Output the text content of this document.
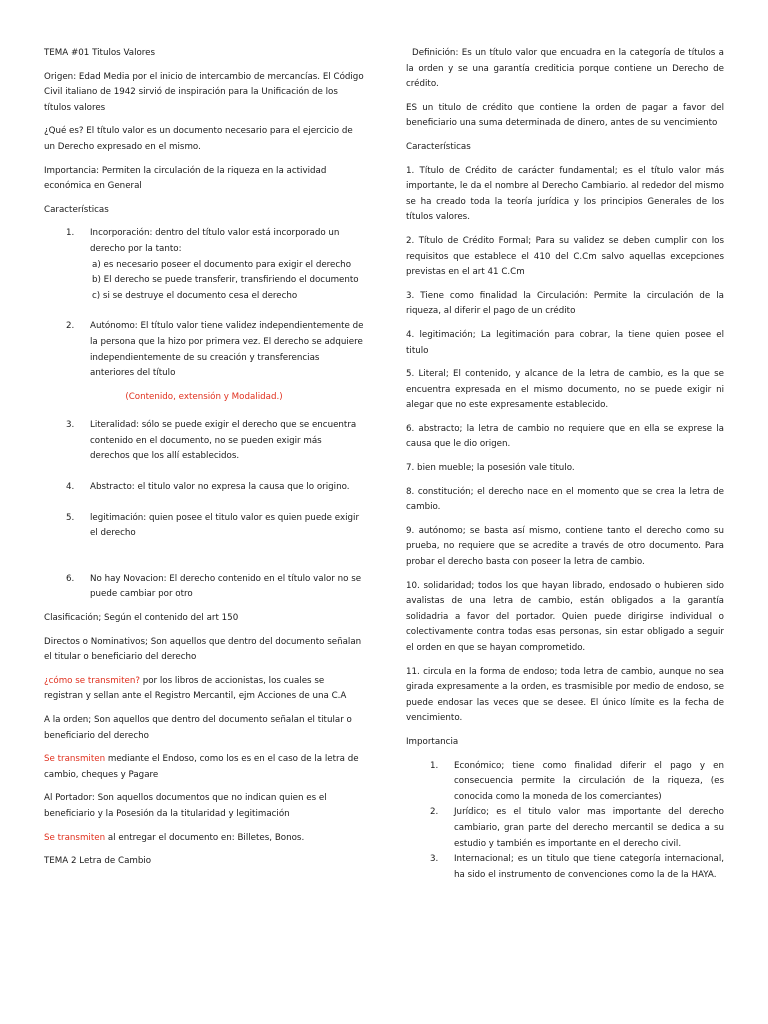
TEMA #01 Titulos Valores

Origen: Edad Media por el inicio de intercambio de mercancías. El Código Civil italiano de 1942 sirvió de inspiración para la Unificación de los títulos valores

¿Qué es? El título valor es un documento necesario para el ejercicio de un Derecho expresado en el mismo.

Importancia: Permiten la circulación de la riqueza en la actividad económica en General

Características

1. Incorporación: dentro del título valor está incorporado un derecho por la tanto:
a) es necesario poseer el documento para exigir el derecho
b) El derecho se puede transferir, transfiriendo el documento
c) si se destruye el documento cesa el derecho
2. Autónomo: El título valor tiene validez independientemente de la persona que la hizo por primera vez. El derecho se adquiere independientemente de su creación y transferencias anteriores del título
(Contenido, extensión y Modalidad.)
3. Literalidad: sólo se puede exigir el derecho que se encuentra contenido en el documento, no se pueden exigir más derechos que los allí establecidos.
4. Abstracto: el titulo valor no expresa la causa que lo origino.
5. legitimación: quien posee el titulo valor es quien puede exigir el derecho
6. No hay Novacion: El derecho contenido en el título valor no se puede cambiar por otro

Clasificación; Según el contenido del art 150

Directos o Nominativos; Son aquellos que dentro del documento señalan el titular o beneficiario del derecho

¿cómo se transmiten? por los libros de accionistas, los cuales se registran y sellan ante el Registro Mercantil, ejm Acciones de una C.A

A la orden; Son aquellos que dentro del documento señalan el titular o beneficiario del derecho

Se transmiten mediante el Endoso, como los es en el caso de la letra de cambio, cheques y Pagare

Al Portador: Son aquellos documentos que no indican quien es el beneficiario y la Posesión da la titularidad y legitimación

Se transmiten al entregar el documento en: Billetes, Bonos.

TEMA 2 Letra de Cambio

Definición: Es un título valor que encuadra en la categoría de títulos a la orden y se una garantía crediticia porque contiene un Derecho de crédito.

ES un titulo de crédito que contiene la orden de pagar a favor del beneficiario una suma determinada de dinero, antes de su vencimiento

Características

1. Título de Crédito de carácter fundamental; es el título valor más importante, le da el nombre al Derecho Cambiario. al rededor del mismo se ha creado toda la teoría jurídica y los principios Generales de los títulos valores.

2. Título de Crédito Formal; Para su validez se deben cumplir con los requisitos que establece el 410 del C.Cm salvo aquellas excepciones previstas en el art 41 C.Cm

3. Tiene como finalidad la Circulación: Permite la circulación de la riqueza, al diferir el pago de un crédito

4. legitimación; La legitimación para cobrar, la tiene quien posee el titulo

5. Literal; El contenido, y alcance de la letra de cambio, es la que se encuentra expresada en el mismo documento, no se puede exigir ni alegar que no este expresamente establecido.

6. abstracto; la letra de cambio no requiere que en ella se exprese la causa que le dio origen.

7. bien mueble; la posesión vale titulo.

8. constitución; el derecho nace en el momento que se crea la letra de cambio.

9. autónomo; se basta así mismo, contiene tanto el derecho como su prueba, no requiere que se acredite a través de otro documento. Para probar el derecho basta con poseer la letra de cambio.

10. solidaridad; todos los que hayan librado, endosado o hubieren sido avalistas de una letra de cambio, están obligados a la garantía solidadria a favor del portador. Quien puede dirigirse individual o colectivamente contra todas esas personas, sin estar obligado a seguir el orden en que se hayan comprometido.

11. circula en la forma de endoso; toda letra de cambio, aunque no sea girada expresamente a la orden, es trasmisible por medio de endoso, se puede endosar las veces que se desee. El único límite es la fecha de vencimiento.

Importancia

1. Económico; tiene como finalidad diferir el pago y en consecuencia permite la circulación de la riqueza, (es conocida como la moneda de los comerciantes)
2. Jurídico; es el titulo valor mas importante del derecho cambiario, gran parte del derecho mercantil se dedica a su estudio y también es importante en el derecho civil.
3. Internacional; es un titulo que tiene categoría internacional, ha sido el instrumento de convenciones como la de la HAYA.
